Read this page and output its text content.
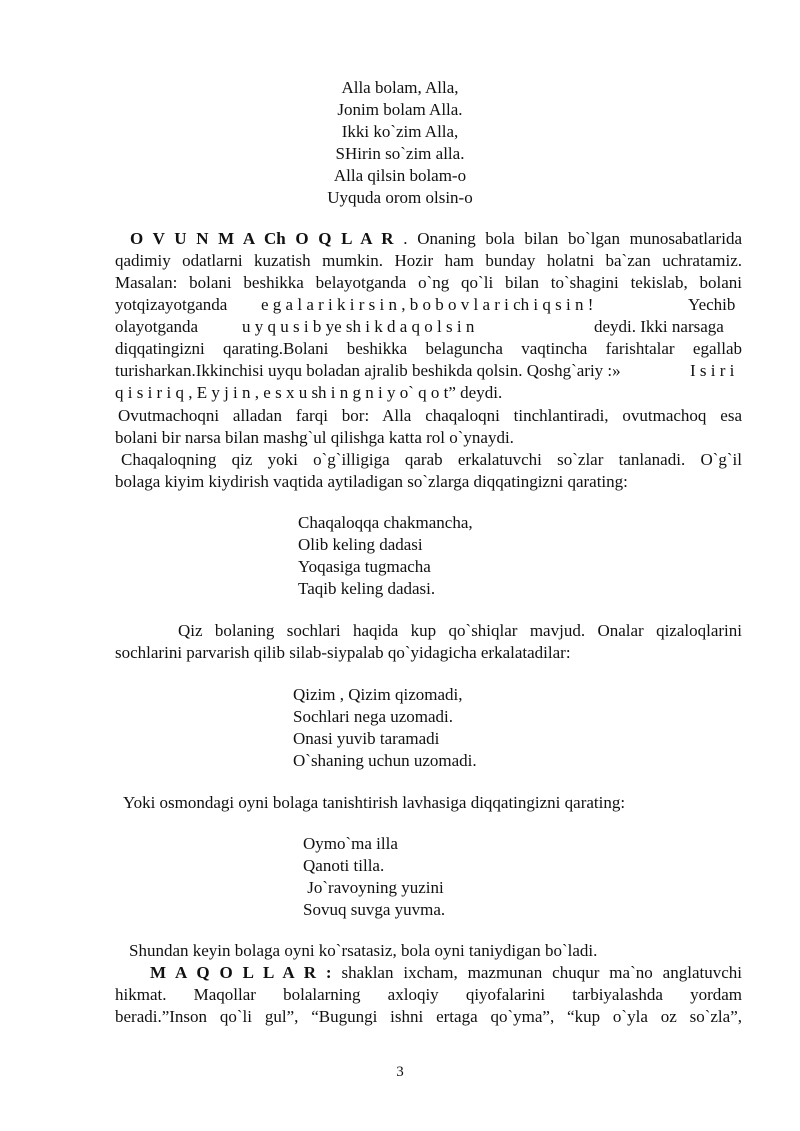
Alla bolam, Alla,
Jonim bolam Alla.
Ikki ko`zim Alla,
SHirin so`zim alla.
Alla qilsin bolam-o
Uyquda orom olsin-o
O V U N M A Ch O Q L A R . Onaning bola bilan bo`lgan munosabatlarida
qadimiy odatlarni kuzatish mumkin. Hozir ham bunday holatni ba`zan uchratamiz.
Masalan: bolani beshikka belayotganda o`ng qo`li bilan to`shagini tekislab, bolani
yotqizayotganda e g a l a r i k i r s i n , b o b o v l a r i ch i q s i n !	Yechib
olayotganda	u y q u s i b ye sh i k d a q o l s i n	deydi. Ikki narsaga
diqqatingizni qarating.Bolani beshikka belaguncha vaqtincha farishtalar egallab
turisharkan.Ikkinchisi uyqu boladan ajralib beshikda qolsin. Qoshg`ariy :»	I s i r i
q i s i r i q , E y j i n , e s x u sh i n g n i y o` q o t” deydi.
Ovutmachoqni alladan farqi bor: Alla chaqaloqni tinchlantiradi, ovutmachoq esa
bolani bir narsa bilan mashg`ul qilishga katta rol o`ynaydi.
Chaqaloqning qiz yoki o`g`illigiga qarab erkalatuvchi so`zlar tanlanadi. O`g`il
bolaga kiyim kiydirish vaqtida aytiladigan so`zlarga diqqatingizni qarating:
Chaqaloqqa chakmancha,
Olib keling dadasi
Yoqasiga tugmacha
Taqib keling dadasi.
Qiz bolaning sochlari haqida kup qo`shiqlar mavjud. Onalar qizaloqlarini
sochlarini parvarish qilib silab-siypalab qo`yidagicha erkalatadilar:
Qizim , Qizim qizomadi,
Sochlari nega uzomadi.
Onasi yuvib taramadi
O`shaning uchun uzomadi.
Yoki osmondagi oyni bolaga tanishtirish lavhasiga diqqatingizni qarating:
Oymo`ma illa
Qanoti tilla.
Jo`ravoyning yuzini
Sovuq suvga yuvma.
Shundan keyin bolaga oyni ko`rsatasiz, bola oyni taniydigan bo`ladi.
M A Q O L L A R : shaklan ixcham, mazmunan chuqur ma`no anglatuvchi
hikmat. Maqollar bolalarning axloqiy qiyofalarini tarbiyalashda yordam
beradi.”Inson qo`li gul”, “Bugungi ishni ertaga qo`yma”, “kup o`yla oz so`zla”,
3
